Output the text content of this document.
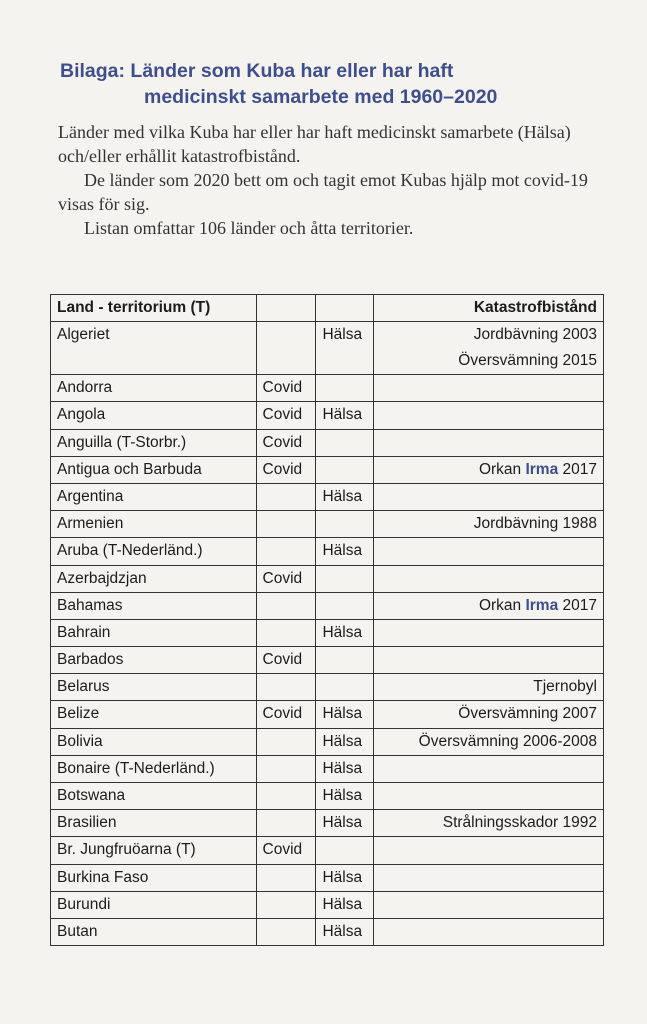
Bilaga: Länder som Kuba har eller har haft
medicinskt samarbete med 1960–2020

Länder med vilka Kuba har eller har haft medicinskt samarbete (Hälsa) och/eller erhållit katastrofbistånd.

De länder som 2020 bett om och tagit emot Kubas hjälp mot covid-19 visas för sig.

Listan omfattar 106 länder och åtta territorier.

Land - territorium (T)			Katastrofbistånd
Algeriet		Hälsa	Jordbävning 2003
Översvämning 2015

Andorra	Covid		
Angola	Covid	Hälsa	
Anguilla (T-Storbr.)	Covid		
Antigua och Barbuda	Covid		Orkan Irma 2017

Argentina		Hälsa	
Armenien			Jordbävning 1988

Aruba (T-Nederländ.)		Hälsa	
Azerbajdzjan	Covid		
Bahamas			Orkan Irma 2017

Bahrain		Hälsa	
Barbados	Covid		
Belarus			Tjernobyl

Belize	Covid	Hälsa	Översvämning 2007

Bolivia		Hälsa	Översvämning 2006-2008

Bonaire (T-Nederländ.)		Hälsa	
Botswana		Hälsa	
Brasilien		Hälsa	Strålningsskador 1992

Br. Jungfruöarna (T)	Covid		
Burkina Faso		Hälsa	
Burundi		Hälsa	
Butan		Hälsa	
